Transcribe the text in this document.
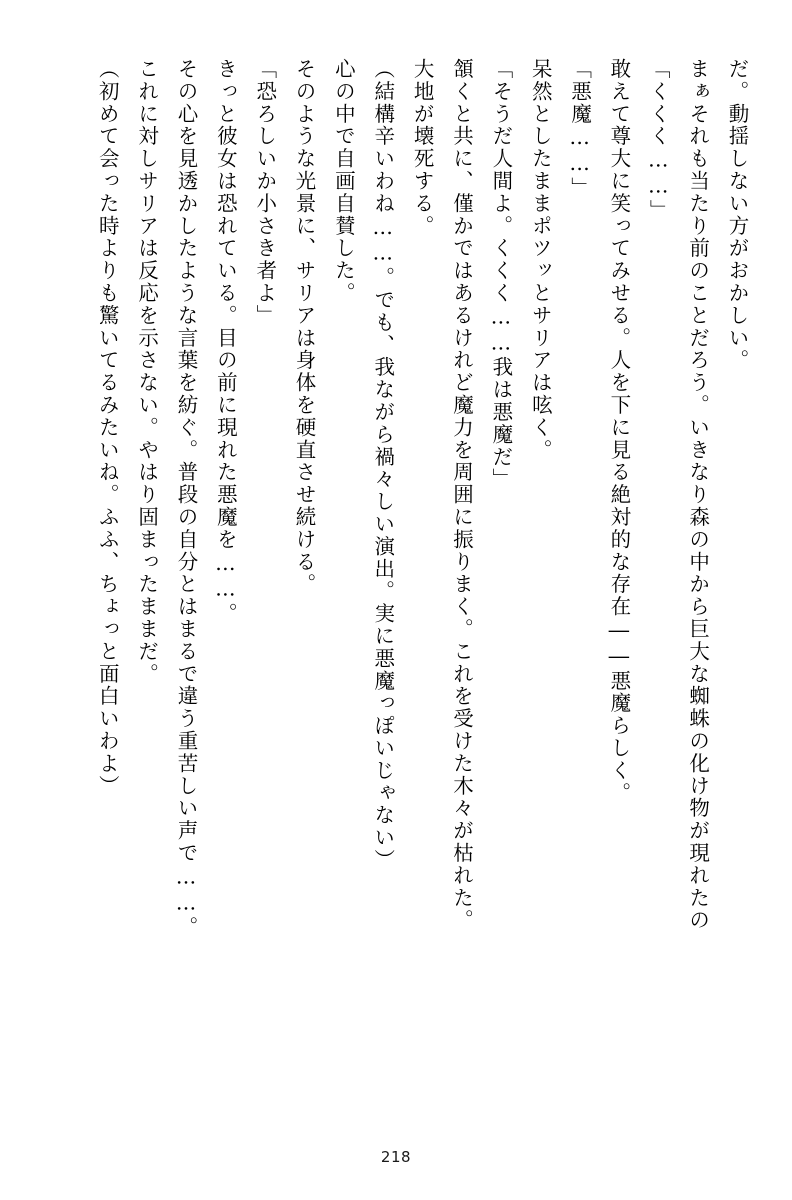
だ。動揺しない方がおかしい。

まぁそれも当たり前のことだろう。いきなり森の中から巨大な蜘蛛の化け物が現れたの

「くくく……」

敢えて尊大に笑ってみせる。人を下に見る絶対的な存在――悪魔らしく。

「悪魔……」

呆然としたままポツッとサリアは呟く。

「そうだ人間よ。くくく……我は悪魔だ」

頷くと共に、僅かではあるけれど魔力を周囲に振りまく。これを受けた木々が枯れた。

大地が壊死する。

（結構辛いわね……。でも、我ながら禍々しい演出。実に悪魔っぽいじゃない）

心の中で自画自賛した。

そのような光景に、サリアは身体を硬直させ続ける。

「恐ろしいか小さき者よ」

きっと彼女は恐れている。目の前に現れた悪魔を……。

その心を見透かしたような言葉を紡ぐ。普段の自分とはまるで違う重苦しい声で……。

これに対しサリアは反応を示さない。やはり固まったままだ。

（初めて会った時よりも驚いてるみたいね。ふふ、ちょっと面白いわよ）

218
